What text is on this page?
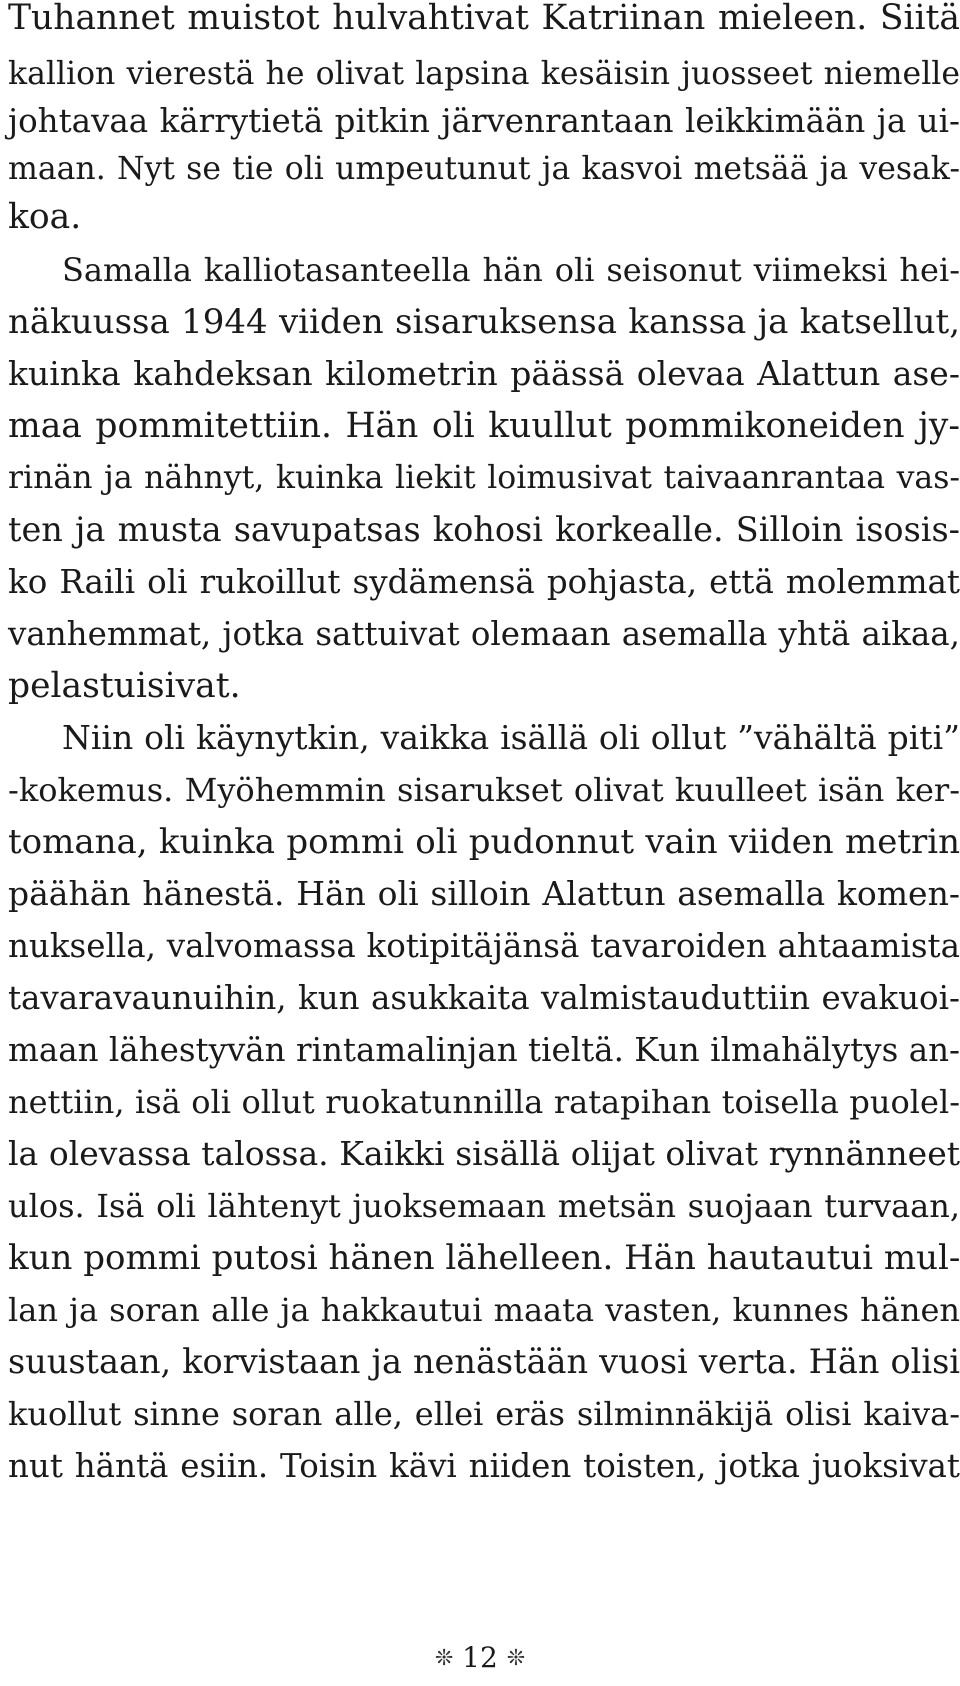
Tuhannet muistot hulvahtivat Katriinan mieleen. Siitä
kallion vierestä he olivat lapsina kesäisin juosseet niemelle
johtavaa kärrytietä pitkin järvenrantaan leikkimään ja ui-
maan. Nyt se tie oli umpeutunut ja kasvoi metsää ja vesak-
koa.
Samalla kalliotasanteella hän oli seisonut viimeksi hei-
näkuussa 1944 viiden sisaruksensa kanssa ja katsellut,
kuinka kahdeksan kilometrin päässä olevaa Alattun ase-
maa pommitettiin. Hän oli kuullut pommikoneiden jy-
rinän ja nähnyt, kuinka liekit loimusivat taivaanrantaa vas-
ten ja musta savupatsas kohosi korkealle. Silloin isosis-
ko Raili oli rukoillut sydämensä pohjasta, että molemmat
vanhemmat, jotka sattuivat olemaan asemalla yhtä aikaa,
pelastuisivat.
Niin oli käynytkin, vaikka isällä oli ollut ”vähältä piti”
-kokemus. Myöhemmin sisarukset olivat kuulleet isän ker-
tomana, kuinka pommi oli pudonnut vain viiden metrin
päähän hänestä. Hän oli silloin Alattun asemalla komen-
nuksella, valvomassa kotipitäjänsä tavaroiden ahtaamista
tavaravaunuihin, kun asukkaita valmistauduttiin evakuoi-
maan lähestyvän rintamalinjan tieltä. Kun ilmahälytys an-
nettiin, isä oli ollut ruokatunnilla ratapihan toisella puolel-
la olevassa talossa. Kaikki sisällä olijat olivat rynnänneet
ulos. Isä oli lähtenyt juoksemaan metsän suojaan turvaan,
kun pommi putosi hänen lähelleen. Hän hautautui mul-
lan ja soran alle ja hakkautui maata vasten, kunnes hänen
suustaan, korvistaan ja nenästään vuosi verta. Hän olisi
kuollut sinne soran alle, ellei eräs silminnäkijä olisi kaiva-
nut häntä esiin. Toisin kävi niiden toisten, jotka juoksivat
❊ 12 ❊
